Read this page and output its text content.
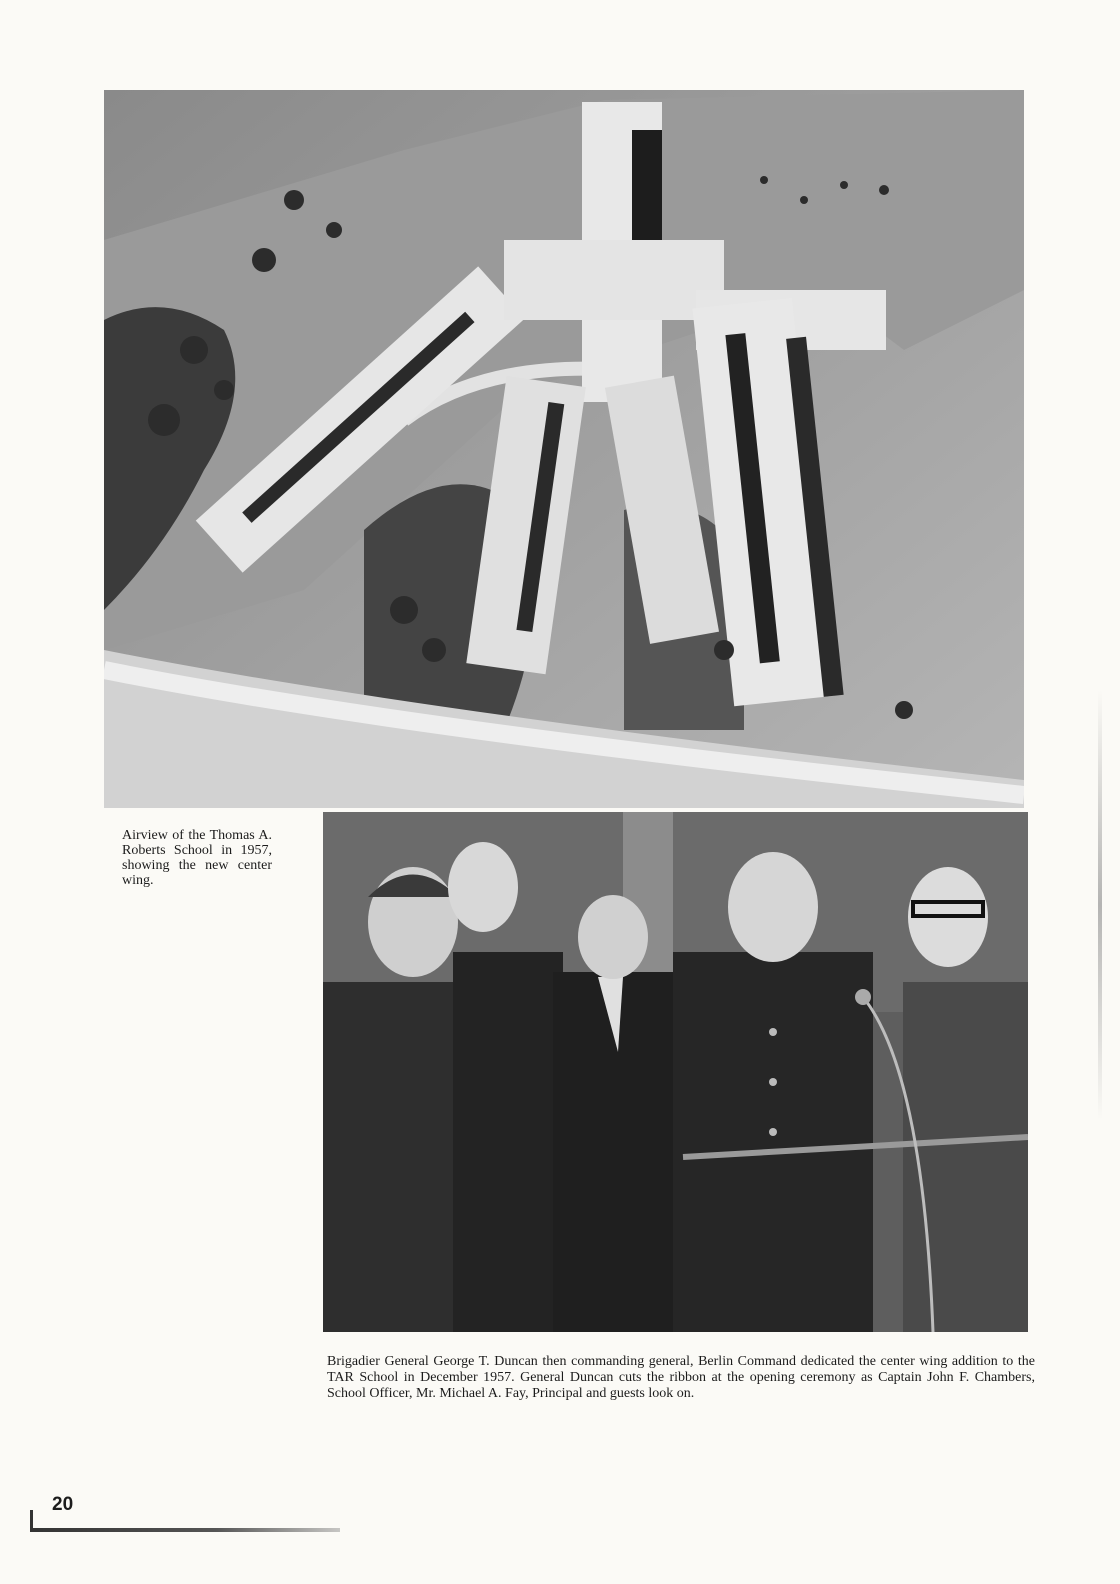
Airview of the Thomas A. Roberts School in 1957, showing the new center wing.

Brigadier General George T. Duncan then commanding general, Berlin Command dedicated the center wing addition to the TAR School in December 1957. General Duncan cuts the ribbon at the opening ceremony as Captain John F. Chambers, School Officer, Mr. Michael A. Fay, Principal and guests look on.

20
